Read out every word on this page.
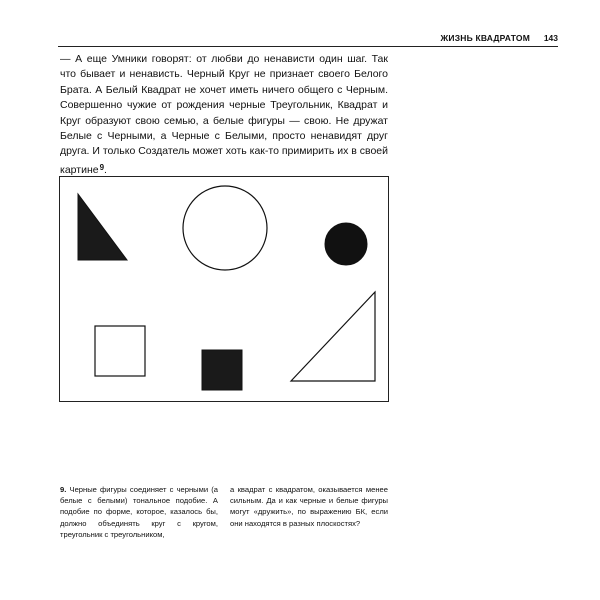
ЖИЗНЬ КВАДРАТОМ	143

— А еще Умники говорят: от любви до ненависти один шаг. Так что бывает и ненависть. Черный Круг не признает своего Белого Брата. А Белый Квадрат не хочет иметь ничего общего с Черным. Совершенно чужие от рождения черные Треугольник, Квадрат и Круг образуют свою семью, а белые фигуры — свою. Не дружат Белые с Черными, а Черные с Белыми, просто ненавидят друг друга. И только Создатель может хоть как-то примирить их в своей картине$^9$.

9. Черные фигуры соединяет с черными (а белые с белыми) тональное подобие. А подобие по форме, которое, казалось бы, должно объединять круг с кругом, треугольник с треугольником,

а квадрат с квадратом, оказывается менее сильным. Да и как черные и белые фигуры могут «дружить», по выражению БК, если они находятся в разных плоскостях?
